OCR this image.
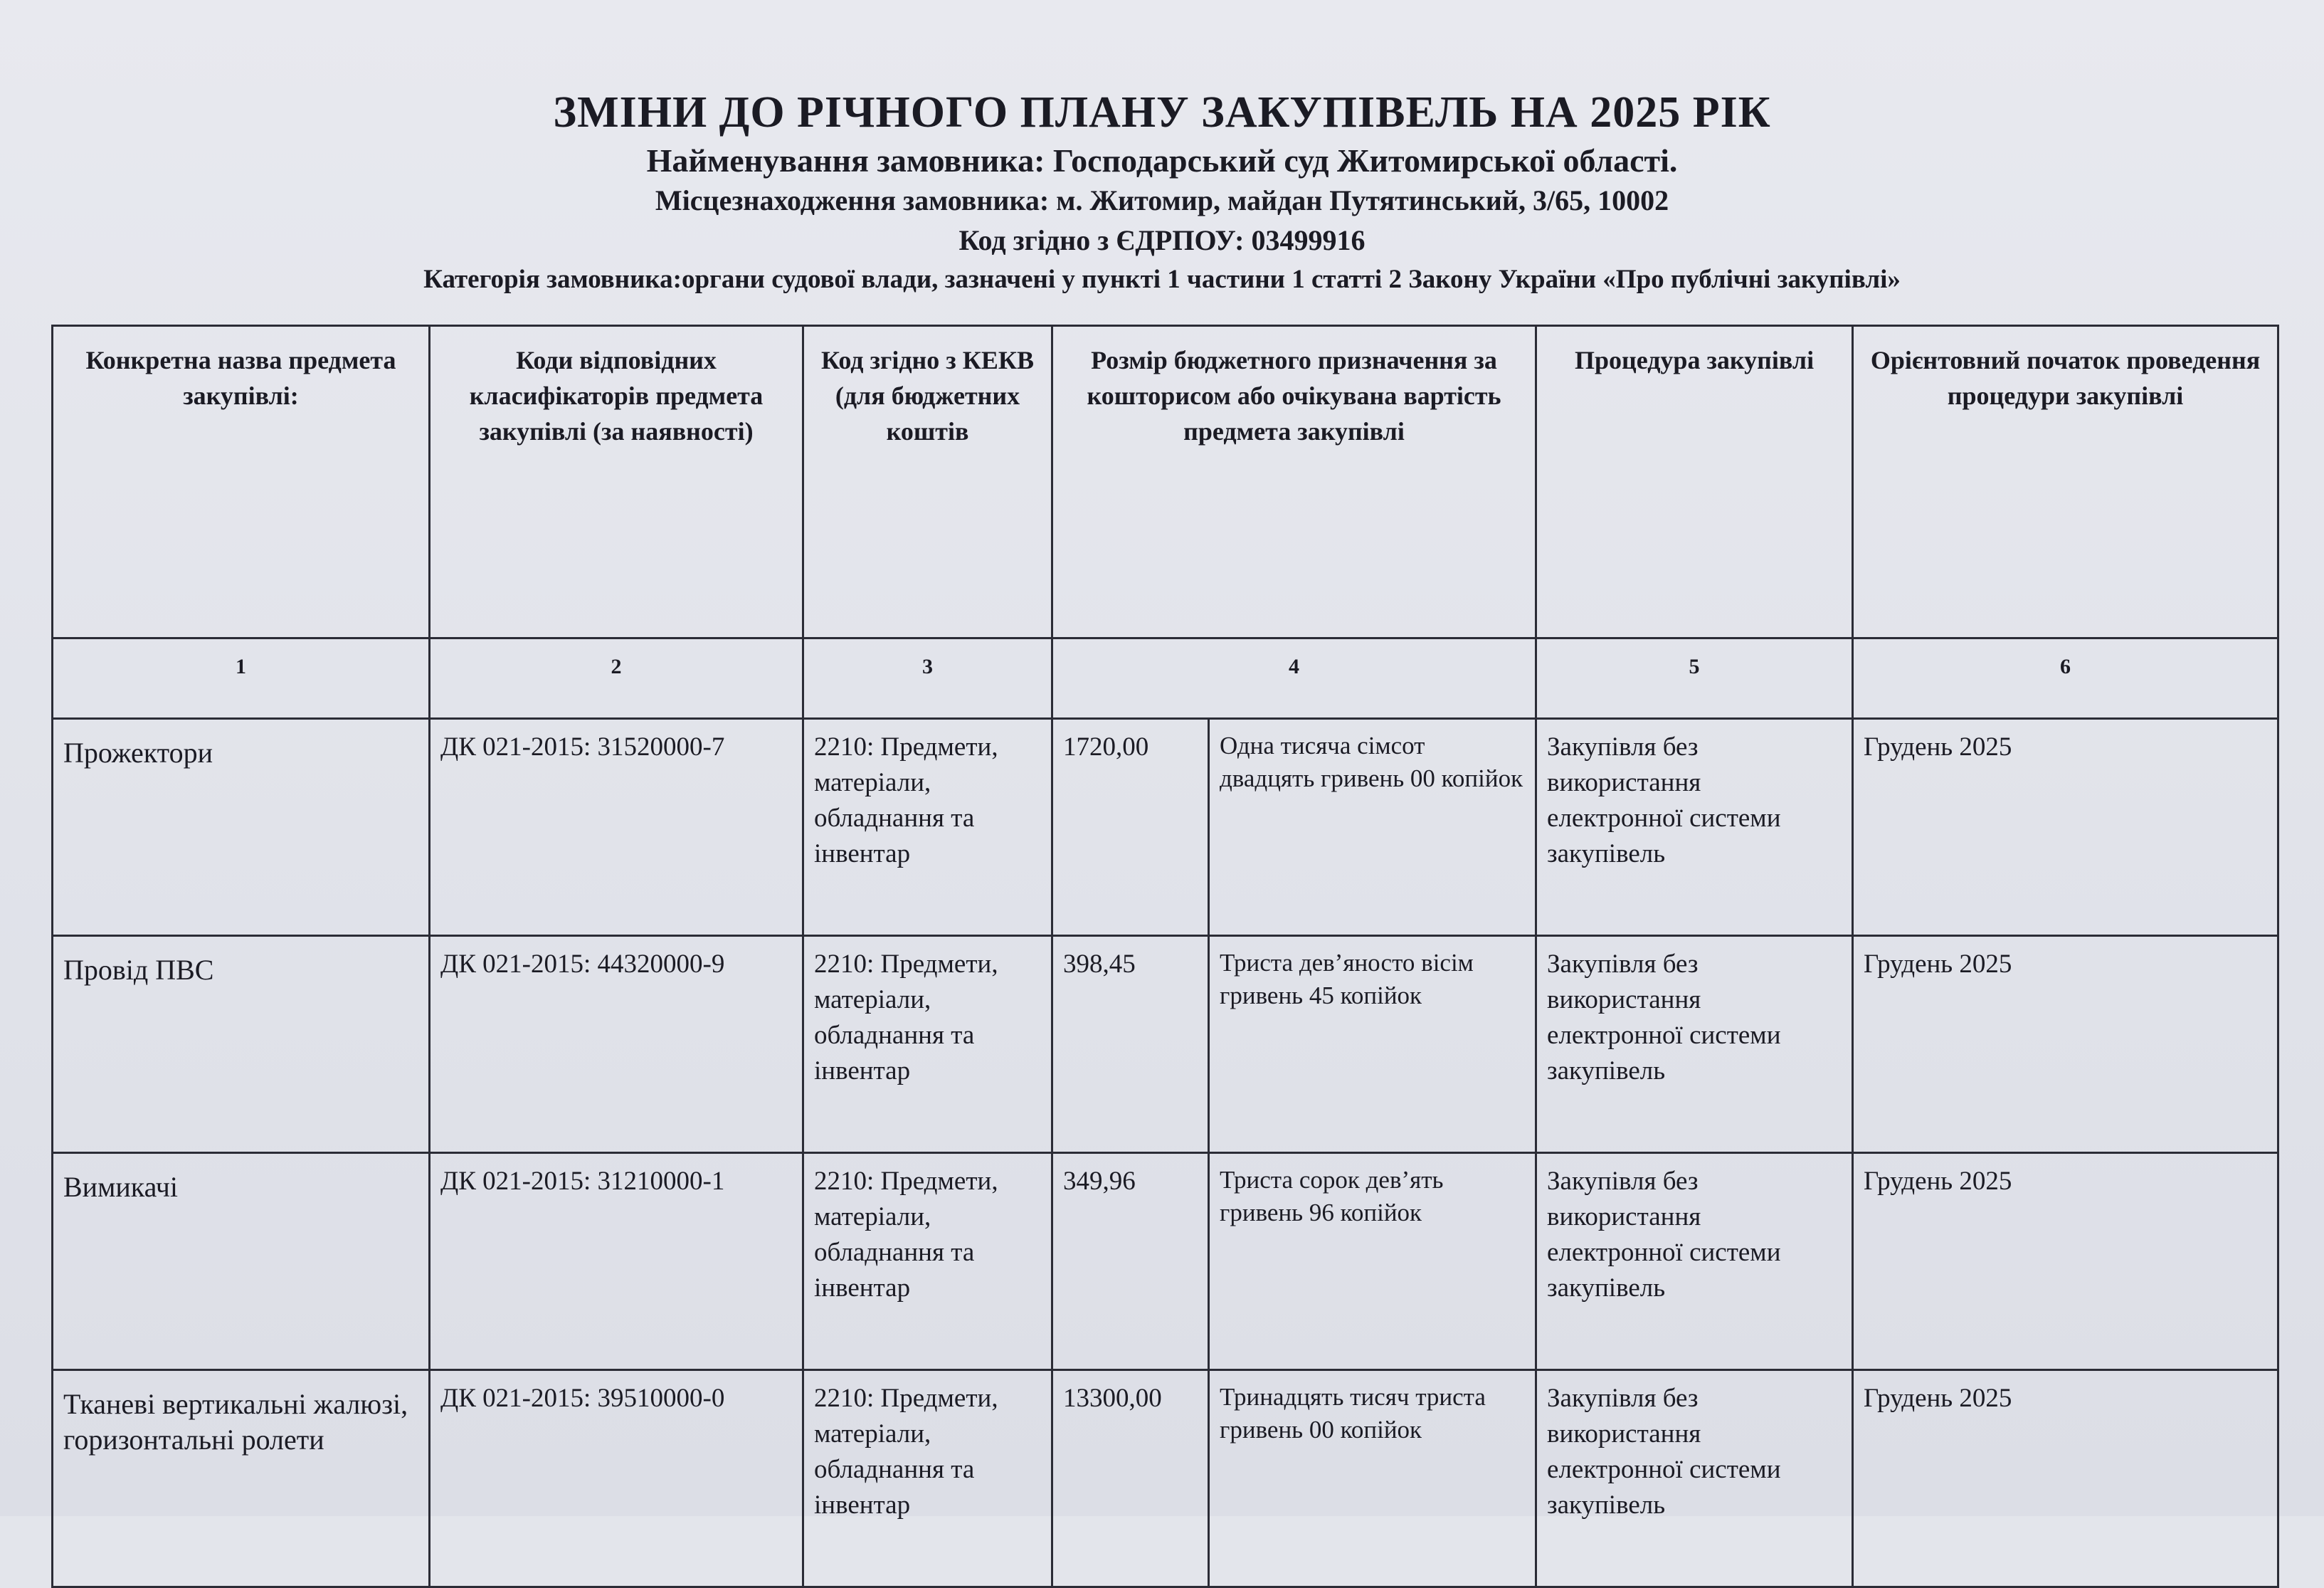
ЗМІНИ ДО РІЧНОГО ПЛАНУ ЗАКУПІВЕЛЬ НА 2025 РІК
Найменування замовника: Господарський суд Житомирської області.
Місцезнаходження замовника: м. Житомир, майдан Путятинський, 3/65, 10002
Код згідно з ЄДРПОУ: 03499916
Категорія замовника:органи судової влади, зазначені у пункті 1 частини 1 статті 2 Закону України «Про публічні закупівлі»
Конкретна назва предмета закупівлі:	Коди відповідних класифікаторів предмета закупівлі (за наявності)	Код згідно з КЕКВ (для бюджетних коштів	Розмір бюджетного призначення за кошторисом або очікувана вартість предмета закупівлі		Процедура закупівлі	Орієнтовний початок проведення процедури закупівлі	
1	2	3	4		5	6	
Прожектори	ДК 021-2015: 31520000-7	2210: Предмети, матеріали, обладнання та інвентар	1720,00	Одна тисяча сімсот двадцять гривень 00 копійок	Закупівля без використання електронної системи закупівель	Грудень 2025	
Провід ПВС	ДК 021-2015: 44320000-9	2210: Предмети, матеріали, обладнання та інвентар	398,45	Триста дев’яносто вісім гривень 45 копійок	Закупівля без використання електронної системи закупівель	Грудень 2025	
Вимикачі	ДК 021-2015: 31210000-1	2210: Предмети, матеріали, обладнання та інвентар	349,96	Триста сорок дев’ять гривень 96 копійок	Закупівля без використання електронної системи закупівель	Грудень 2025	
Тканеві вертикальні жалюзі, горизонтальні ролети	ДК 021-2015: 39510000-0	2210: Предмети, матеріали, обладнання та інвентар	13300,00	Тринадцять тисяч триста гривень 00 копійок	Закупівля без використання електронної системи закупівель	Грудень 2025	
